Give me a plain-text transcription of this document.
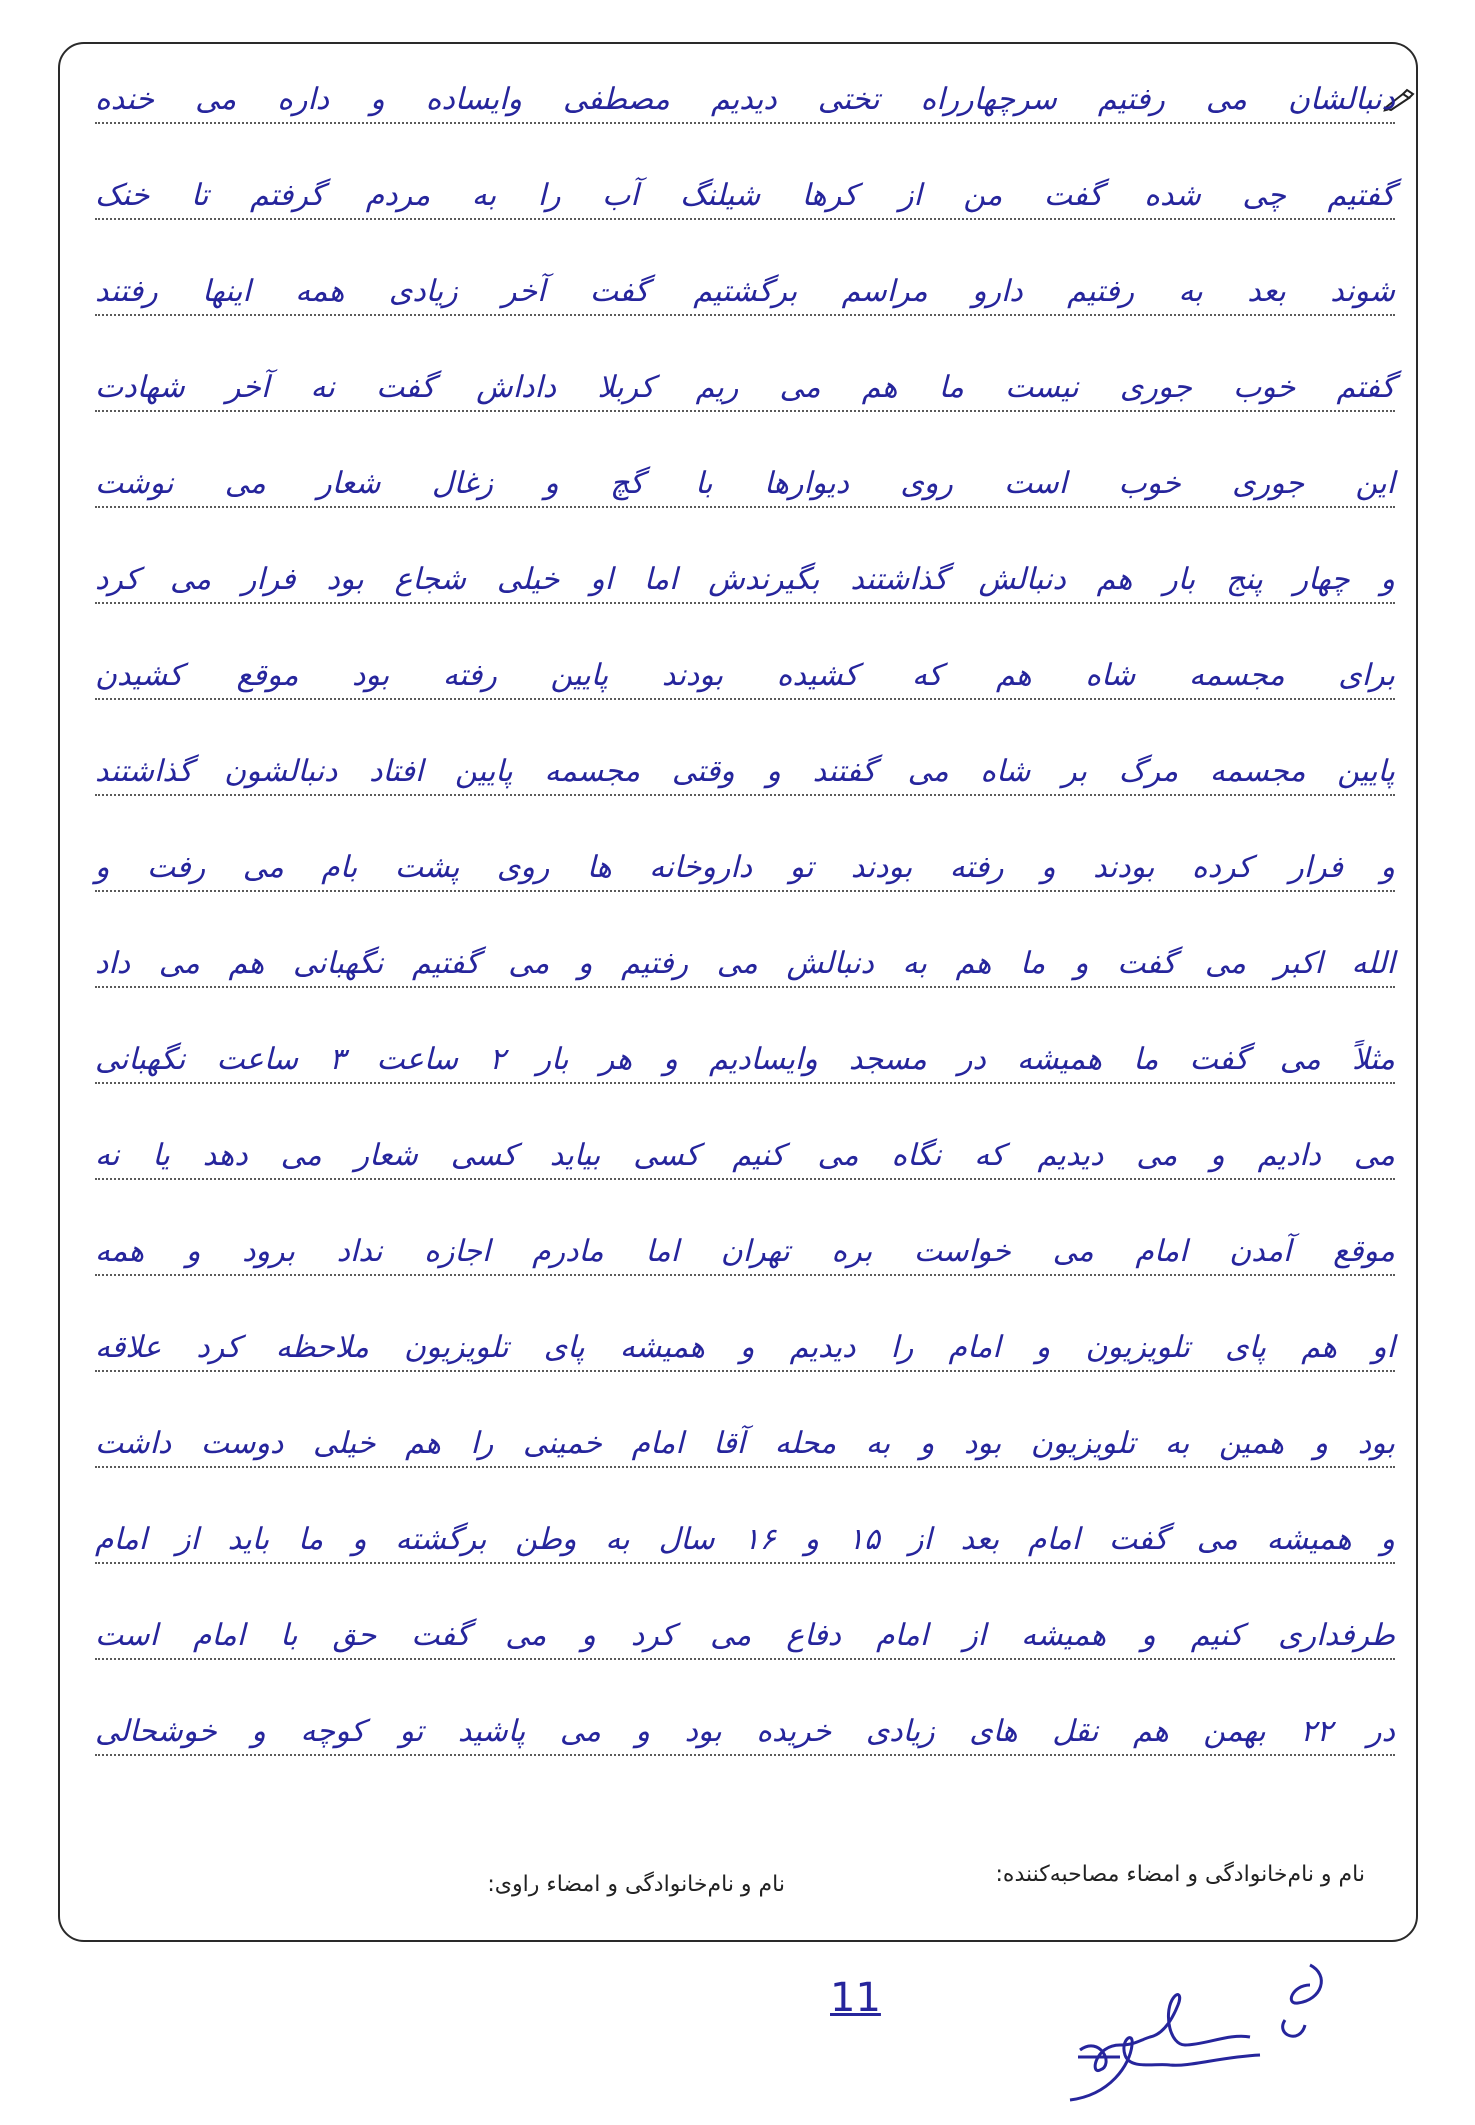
دنبالشان می رفتیم سرچهارراه تختی دیدیم مصطفی وایساده و داره می خنده
گفتیم چی شده گفت من از کرها شیلنگ آب را به مردم گرفتم تا خنک
شوند بعد به رفتیم دارو مراسم برگشتیم گفت آخر زیادی همه اینها رفتند
گفتم خوب جوری نیست ما هم می ریم کربلا داداش گفت نه آخر شهادت
این جوری خوب است روی دیوارها با گچ و زغال شعار می نوشت
و چهار پنج بار هم دنبالش گذاشتند بگیرندش اما او خیلی شجاع بود فرار می کرد
برای مجسمه شاه هم که کشیده بودند پایین رفته بود موقع کشیدن
پایین مجسمه مرگ بر شاه می گفتند و وقتی مجسمه پایین افتاد دنبالشون گذاشتند
و فرار کرده بودند و رفته بودند تو داروخانه ها روی پشت بام می رفت و
الله اکبر می گفت و ما هم به دنبالش می رفتیم و می گفتیم نگهبانی هم می داد
مثلاً می گفت ما همیشه در مسجد وایسادیم و هر بار ۲ ساعت ۳ ساعت نگهبانی
می دادیم و می دیدیم که نگاه می کنیم کسی بیاید کسی شعار می دهد یا نه
موقع آمدن امام می خواست بره تهران اما مادرم اجازه نداد برود و همه
او هم پای تلویزیون و امام را دیدیم و همیشه پای تلویزیون ملاحظه کرد علاقه
بود و همین به تلویزیون بود و به محله آقا امام خمینی را هم خیلی دوست داشت
و همیشه می گفت امام بعد از ۱۵ و ۱۶ سال به وطن برگشته و ما باید از امام
طرفداری کنیم و همیشه از امام دفاع می کرد و می گفت حق با امام است
در ۲۲ بهمن هم نقل های زیادی خریده بود و می پاشید تو کوچه و خوشحالی
نام و نام‌خانوادگی و امضاء مصاحبه‌کننده:
نام و نام‌خانوادگی و امضاء راوی:
11
